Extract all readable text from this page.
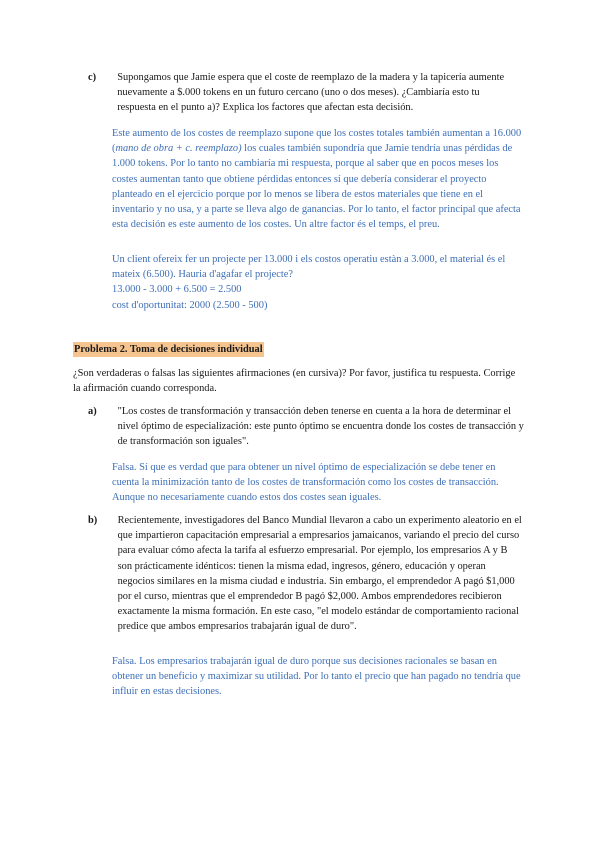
c)	Supongamos que Jamie espera que el coste de reemplazo de la madera y la tapicería aumente nuevamente a $.000 tokens en un futuro cercano (uno o dos meses). ¿Cambiaría esto tu respuesta en el punto a)? Explica los factores que afectan esta decisión.

Este aumento de los costes de reemplazo supone que los costes totales también aumentan a 16.000 (mano de obra + c. reemplazo) los cuales también supondría que Jamie tendría unas pérdidas de 1.000 tokens. Por lo tanto no cambiaría mi respuesta, porque al saber que en pocos meses los costes aumentan tanto que obtiene pérdidas entonces sí que debería considerar el proyecto planteado en el ejercicio porque por lo menos se libera de estos materiales que tiene en el inventario y no usa, y a parte se lleva algo de ganancias. Por lo tanto, el factor principal que afecta esta decisión es este aumento de los costes. Un altre factor és el temps, el preu.

Un client ofereix fer un projecte per 13.000 i els costos operatiu estàn a 3.000, el material és el mateix (6.500). Hauria d'agafar el projecte?

13.000 - 3.000 + 6.500 = 2.500

cost d'oportunitat: 2000 (2.500 - 500)

Problema 2. Toma de decisiones individual

¿Son verdaderas o falsas las siguientes afirmaciones (en cursiva)? Por favor, justifica tu respuesta. Corrige la afirmación cuando corresponda.

a)	"Los costes de transformación y transacción deben tenerse en cuenta a la hora de determinar el nivel óptimo de especialización: este punto óptimo se encuentra donde los costes de transacción y de transformación son iguales".

Falsa. Sí que es verdad que para obtener un nivel óptimo de especialización se debe tener en cuenta la minimización tanto de los costes de transformación como los costes de transacción. Aunque no necesariamente cuando estos dos costes sean iguales.

b)	Recientemente, investigadores del Banco Mundial llevaron a cabo un experimento aleatorio en el que impartieron capacitación empresarial a empresarios jamaicanos, variando el precio del curso para evaluar cómo afecta la tarifa al esfuerzo empresarial. Por ejemplo, los empresarios A y B son prácticamente idénticos: tienen la misma edad, ingresos, género, educación y operan negocios similares en la misma ciudad e industria. Sin embargo, el emprendedor A pagó $1,000 por el curso, mientras que el emprendedor B pagó $2,000. Ambos emprendedores recibieron exactamente la misma formación. En este caso, "el modelo estándar de comportamiento racional predice que ambos empresarios trabajarán igual de duro".

Falsa. Los empresarios trabajarán igual de duro porque sus decisiones racionales se basan en obtener un beneficio y maximizar su utilidad. Por lo tanto el precio que han pagado no tendría que influir en estas decisiones.
